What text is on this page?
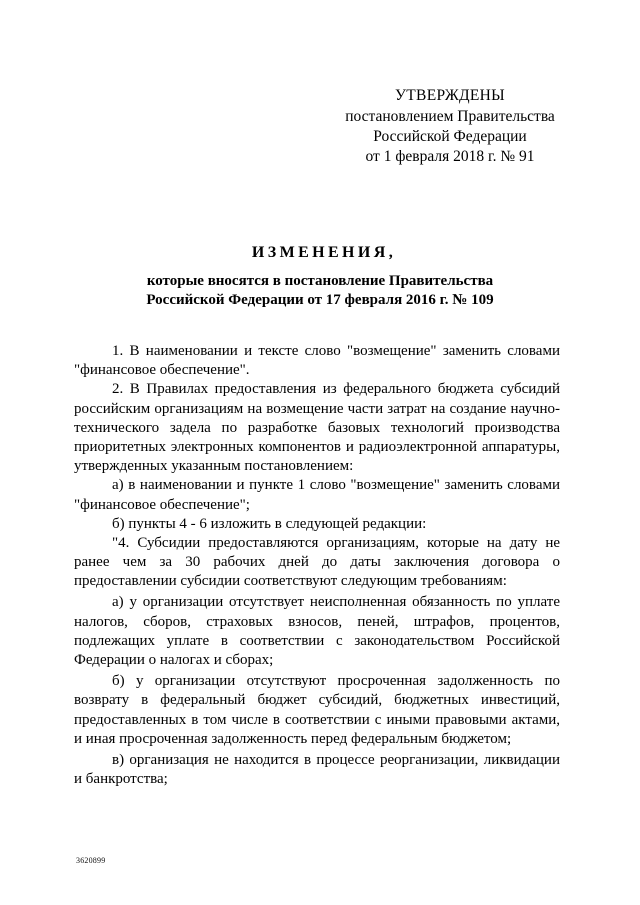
УТВЕРЖДЕНЫ
постановлением Правительства
Российской Федерации
от 1 февраля 2018 г. № 91
ИЗМЕНЕНИЯ,
которые вносятся в постановление Правительства
Российской Федерации от 17 февраля 2016 г. № 109
1. В наименовании и тексте слово "возмещение" заменить словами
"финансовое обеспечение".
2. В Правилах предоставления из федерального бюджета субсидий
российским организациям на возмещение части затрат на создание научно-
технического задела по разработке базовых технологий производства
приоритетных электронных компонентов и радиоэлектронной аппаратуры,
утвержденных указанным постановлением:
а) в наименовании и пункте 1 слово "возмещение" заменить словами
"финансовое обеспечение";
б) пункты 4 - 6 изложить в следующей редакции:
"4. Субсидии предоставляются организациям, которые на дату не
ранее чем за 30 рабочих дней до даты заключения договора о
предоставлении субсидии соответствуют следующим требованиям:
а) у организации отсутствует неисполненная обязанность по уплате
налогов, сборов, страховых взносов, пеней, штрафов, процентов,
подлежащих уплате в соответствии с законодательством Российской
Федерации о налогах и сборах;
б) у организации отсутствуют просроченная задолженность по
возврату в федеральный бюджет субсидий, бюджетных инвестиций,
предоставленных в том числе в соответствии с иными правовыми актами,
и иная просроченная задолженность перед федеральным бюджетом;
в) организация не находится в процессе реорганизации, ликвидации
и банкротства;
3620899
